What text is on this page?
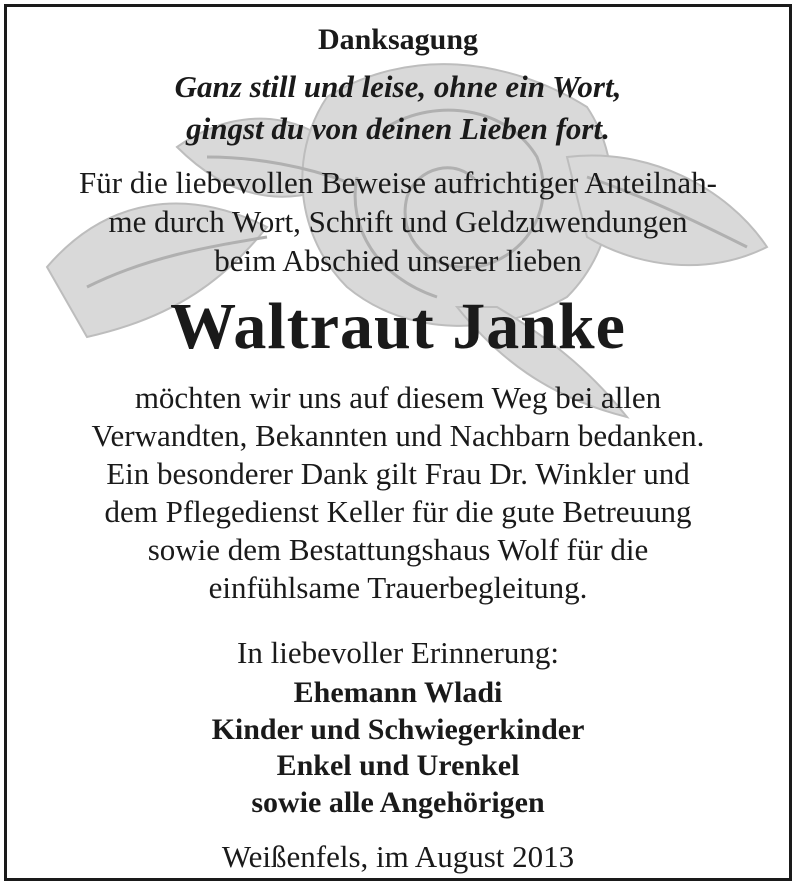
Danksagung
Ganz still und leise, ohne ein Wort,
gingst du von deinen Lieben fort.
Für die liebevollen Beweise aufrichtiger Anteilnah-
me durch Wort, Schrift und Geldzuwendungen
beim Abschied unserer lieben
Waltraut Janke
möchten wir uns auf diesem Weg bei allen
Verwandten, Bekannten und Nachbarn bedanken.
Ein besonderer Dank gilt Frau Dr. Winkler und
dem Pflegedienst Keller für die gute Betreuung
sowie dem Bestattungshaus Wolf für die
einfühlsame Trauerbegleitung.
In liebevoller Erinnerung:
Ehemann Wladi
Kinder und Schwiegerkinder
Enkel und Urenkel
sowie alle Angehörigen
Weißenfels, im August 2013
